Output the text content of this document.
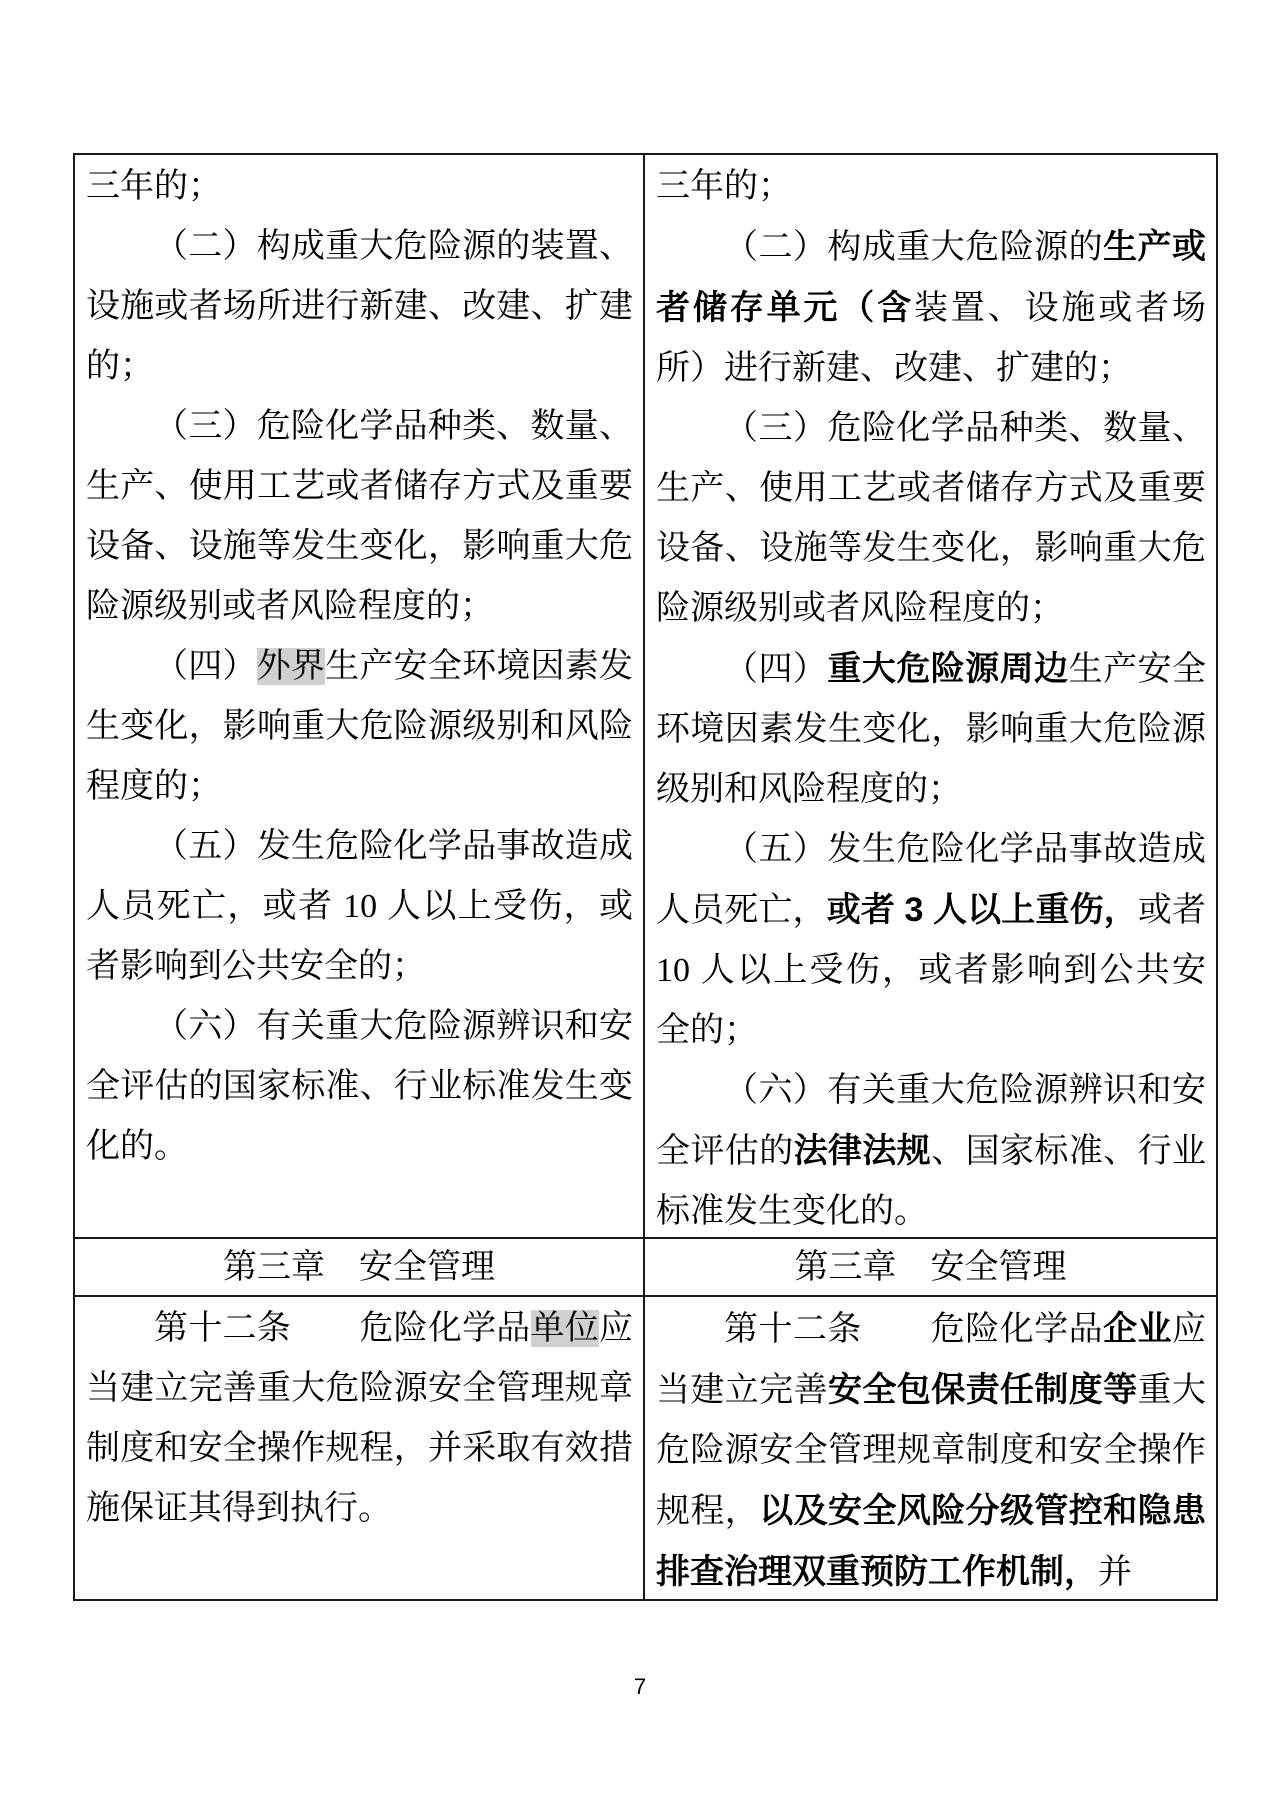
三年的；

（二）构成重大危险源的装置、设施或者场所进行新建、改建、扩建的；

（三）危险化学品种类、数量、生产、使用工艺或者储存方式及重要设备、设施等发生变化，影响重大危险源级别或者风险程度的；

（四）外界生产安全环境因素发生变化，影响重大危险源级别和风险程度的；

（五）发生危险化学品事故造成人员死亡，或者 10 人以上受伤，或者影响到公共安全的；

（六）有关重大危险源辨识和安全评估的国家标准、行业标准发生变化的。

三年的；

（二）构成重大危险源的生产或者储存单元（含装置、设施或者场所）进行新建、改建、扩建的；

（三）危险化学品种类、数量、生产、使用工艺或者储存方式及重要设备、设施等发生变化，影响重大危险源级别或者风险程度的；

（四）重大危险源周边生产安全环境因素发生变化，影响重大危险源级别和风险程度的；

（五）发生危险化学品事故造成人员死亡，或者 3 人以上重伤，或者 10 人以上受伤，或者影响到公共安全的；

（六）有关重大危险源辨识和安全评估的法律法规、国家标准、行业标准发生变化的。

第三章　安全管理	第三章　安全管理

第十二条　　危险化学品单位应当建立完善重大危险源安全管理规章制度和安全操作规程，并采取有效措施保证其得到执行。

第十二条　　危险化学品企业应当建立完善安全包保责任制度等重大危险源安全管理规章制度和安全操作规程，以及安全风险分级管控和隐患排查治理双重预防工作机制，并

7
